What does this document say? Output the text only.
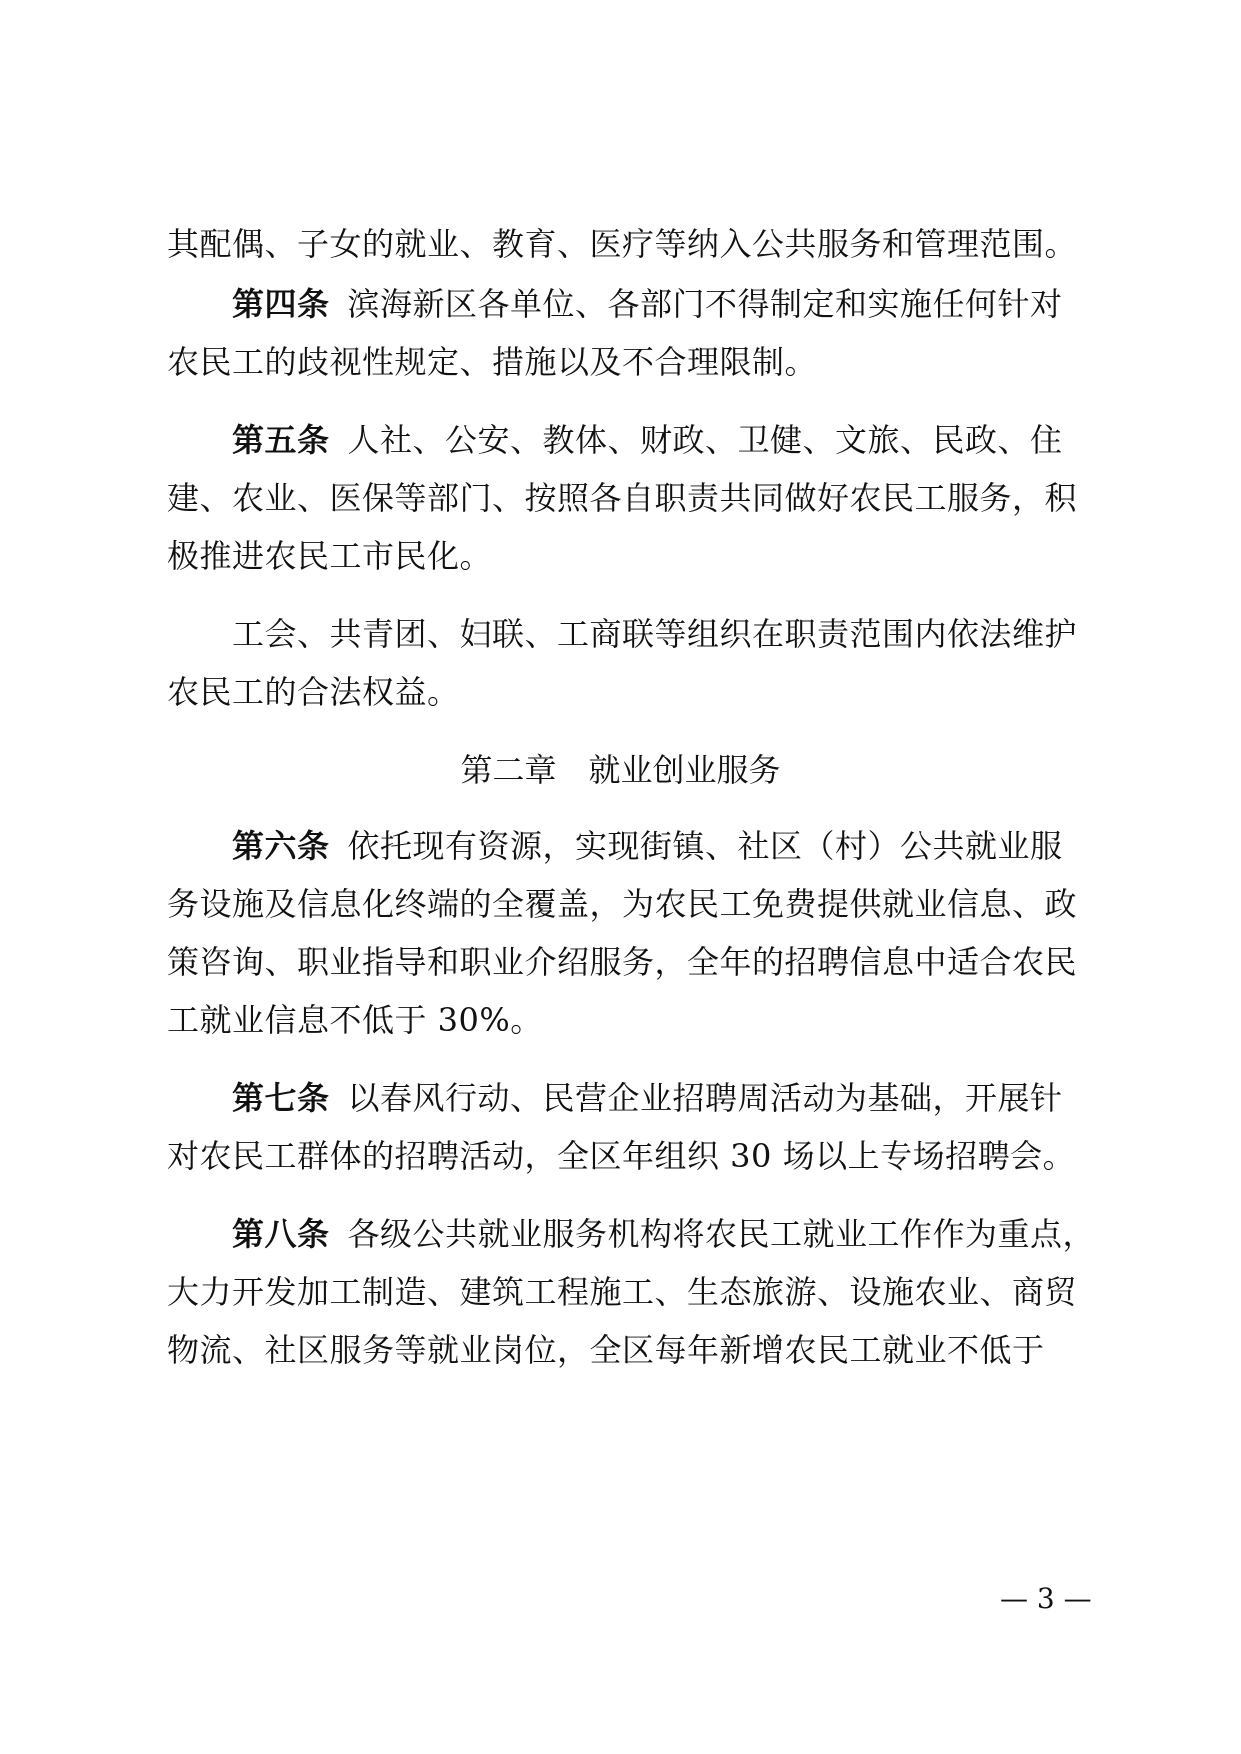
其配偶、子女的就业、教育、医疗等纳入公共服务和管理范围。
第四条 滨海新区各单位、各部门不得制定和实施任何针对
农民工的歧视性规定、措施以及不合理限制。
第五条 人社、公安、教体、财政、卫健、文旅、民政、住
建、农业、医保等部门、按照各自职责共同做好农民工服务，积
极推进农民工市民化。
工会、共青团、妇联、工商联等组织在职责范围内依法维护
农民工的合法权益。
第二章 就业创业服务
第六条 依托现有资源，实现街镇、社区（村）公共就业服
务设施及信息化终端的全覆盖，为农民工免费提供就业信息、政
策咨询、职业指导和职业介绍服务，全年的招聘信息中适合农民
工就业信息不低于 30%。
第七条 以春风行动、民营企业招聘周活动为基础，开展针
对农民工群体的招聘活动，全区年组织 30 场以上专场招聘会。
第八条 各级公共就业服务机构将农民工就业工作作为重点，
大力开发加工制造、建筑工程施工、生态旅游、设施农业、商贸
物流、社区服务等就业岗位，全区每年新增农民工就业不低于
— 3 —
